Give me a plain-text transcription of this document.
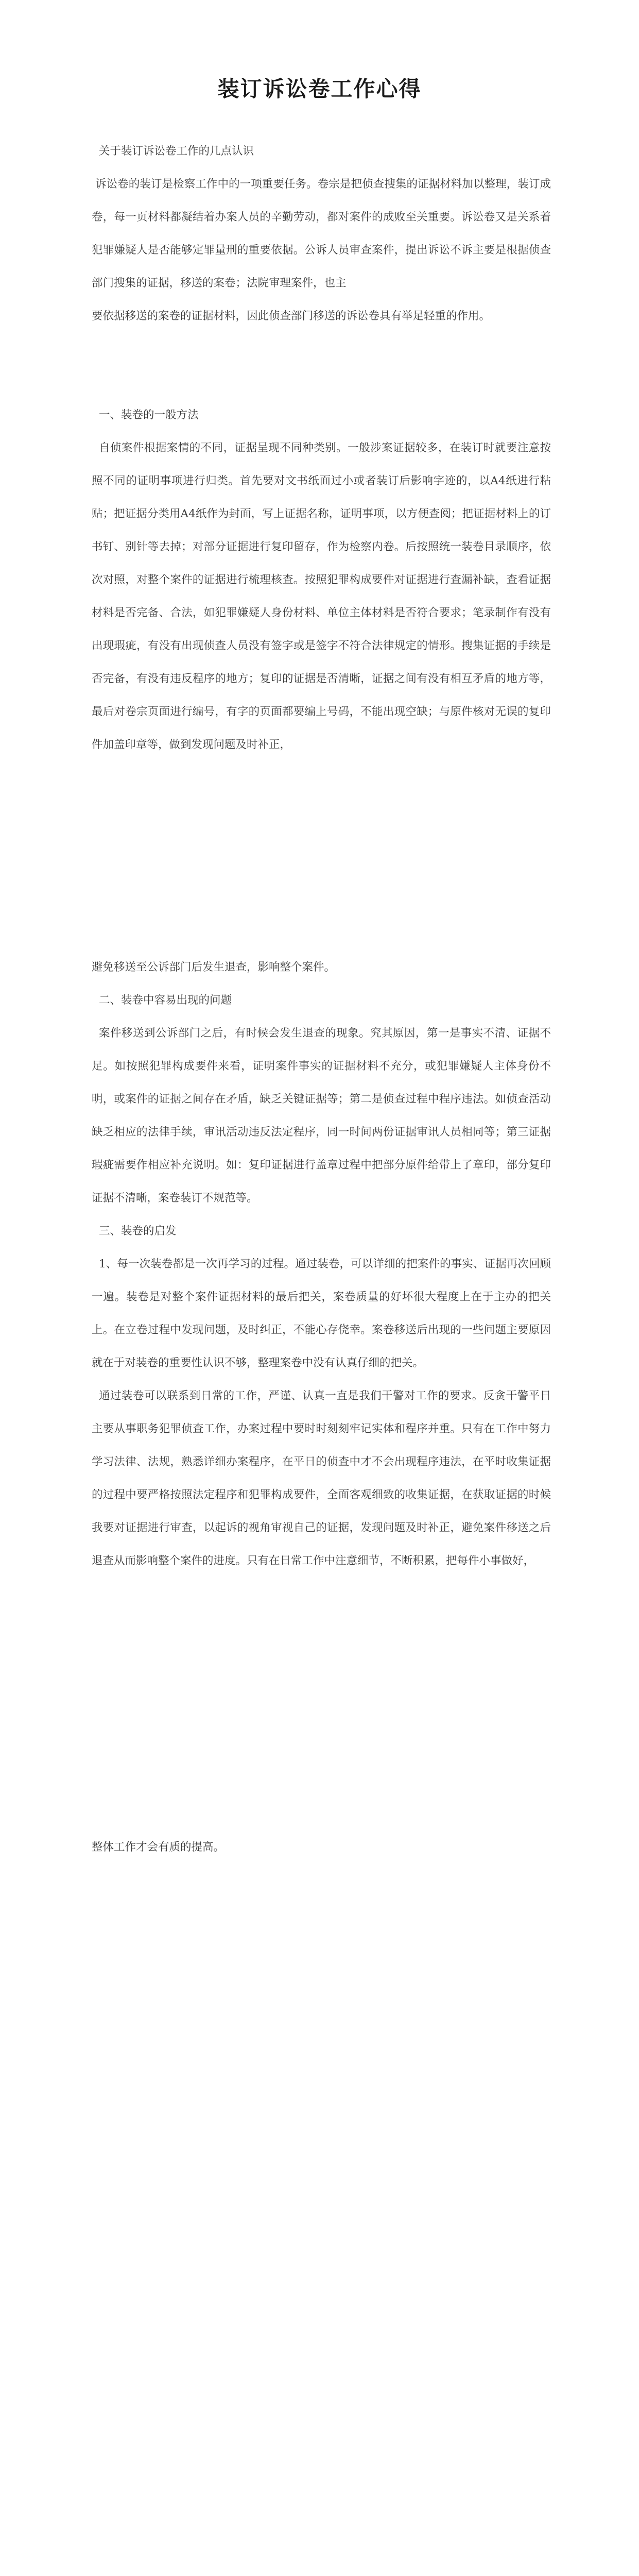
装订诉讼卷工作心得

关于装订诉讼卷工作的几点认识

诉讼卷的装订是检察工作中的一项重要任务。卷宗是把侦查搜集的证据材料加以整理，装订成卷，每一页材料都凝结着办案人员的辛勤劳动，都对案件的成败至关重要。诉讼卷又是关系着犯罪嫌疑人是否能够定罪量刑的重要依据。公诉人员审查案件，提出诉讼不诉主要是根据侦查部门搜集的证据，移送的案卷；法院审理案件，也主

要依据移送的案卷的证据材料，因此侦查部门移送的诉讼卷具有举足轻重的作用。

一、装卷的一般方法

自侦案件根据案情的不同，证据呈现不同种类别。一般涉案证据较多，在装订时就要注意按照不同的证明事项进行归类。首先要对文书纸面过小或者装订后影响字迹的，以A4纸进行粘贴；把证据分类用A4纸作为封面，写上证据名称，证明事项，以方便查阅；把证据材料上的订书钉、别针等去掉；对部分证据进行复印留存，作为检察内卷。后按照统一装卷目录顺序，依次对照，对整个案件的证据进行梳理核查。按照犯罪构成要件对证据进行查漏补缺，查看证据材料是否完备、合法，如犯罪嫌疑人身份材料、单位主体材料是否符合要求；笔录制作有没有出现瑕疵，有没有出现侦查人员没有签字或是签字不符合法律规定的情形。搜集证据的手续是否完备，有没有违反程序的地方；复印的证据是否清晰，证据之间有没有相互矛盾的地方等，最后对卷宗页面进行编号，有字的页面都要编上号码，不能出现空缺；与原件核对无误的复印件加盖印章等，做到发现问题及时补正，

避免移送至公诉部门后发生退查，影响整个案件。

二、装卷中容易出现的问题

案件移送到公诉部门之后，有时候会发生退查的现象。究其原因，第一是事实不清、证据不足。如按照犯罪构成要件来看，证明案件事实的证据材料不充分，或犯罪嫌疑人主体身份不明，或案件的证据之间存在矛盾，缺乏关键证据等；第二是侦查过程中程序违法。如侦查活动缺乏相应的法律手续，审讯活动违反法定程序，同一时间两份证据审讯人员相同等；第三证据瑕疵需要作相应补充说明。如：复印证据进行盖章过程中把部分原件给带上了章印，部分复印证据不清晰，案卷装订不规范等。

三、装卷的启发

1、每一次装卷都是一次再学习的过程。通过装卷，可以详细的把案件的事实、证据再次回顾一遍。装卷是对整个案件证据材料的最后把关，案卷质量的好坏很大程度上在于主办的把关上。在立卷过程中发现问题，及时纠正，不能心存侥幸。案卷移送后出现的一些问题主要原因就在于对装卷的重要性认识不够，整理案卷中没有认真仔细的把关。

通过装卷可以联系到日常的工作，严谨、认真一直是我们干警对工作的要求。反贪干警平日主要从事职务犯罪侦查工作，办案过程中要时时刻刻牢记实体和程序并重。只有在工作中努力学习法律、法规，熟悉详细办案程序，在平日的侦查中才不会出现程序违法，在平时收集证据的过程中要严格按照法定程序和犯罪构成要件，全面客观细致的收集证据，在获取证据的时候我要对证据进行审查，以起诉的视角审视自己的证据，发现问题及时补正，避免案件移送之后退查从而影响整个案件的进度。只有在日常工作中注意细节，不断积累，把每件小事做好，

整体工作才会有质的提高。
